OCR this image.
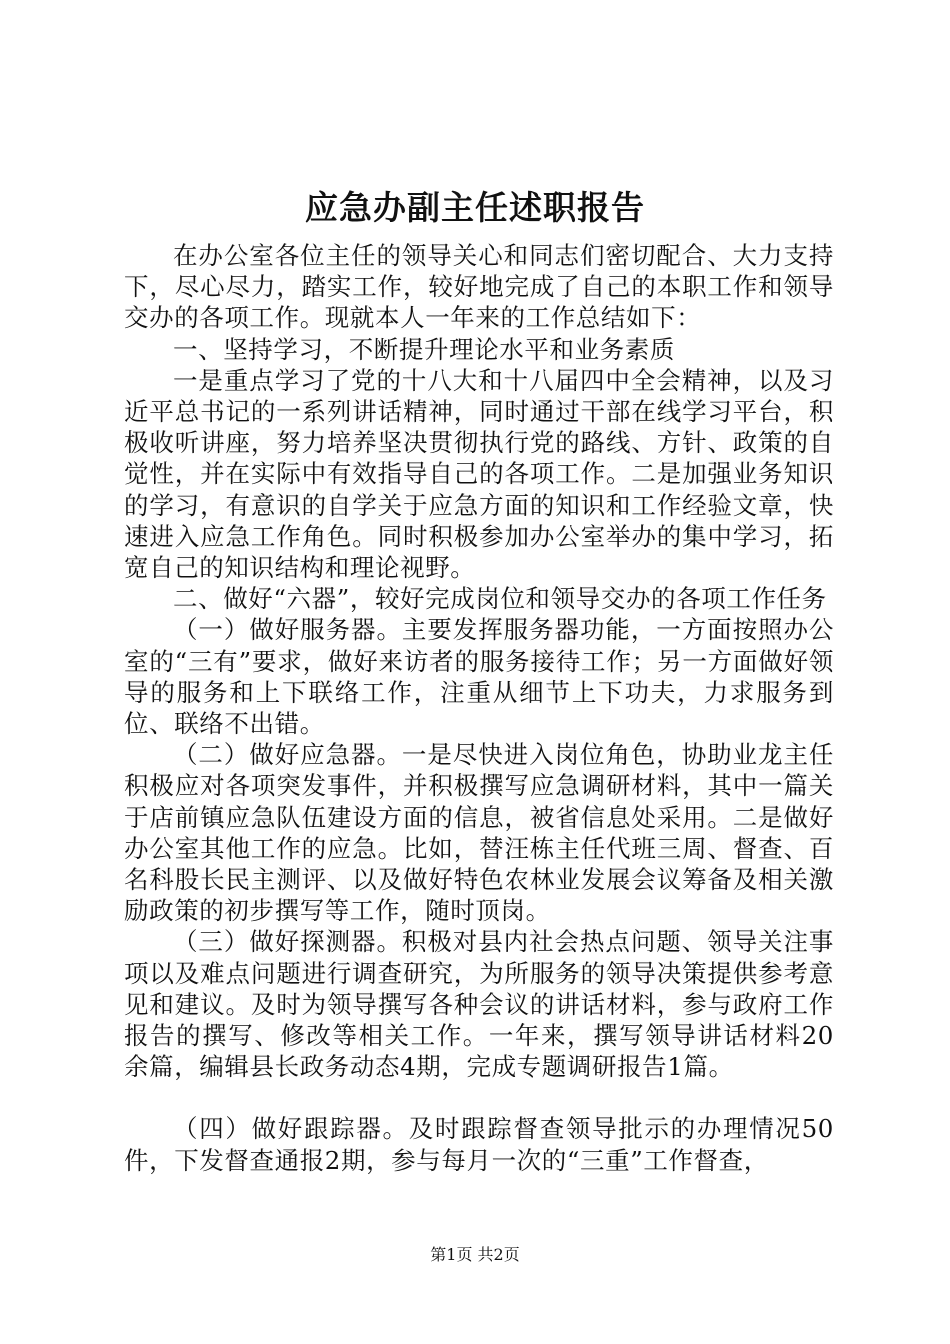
应急办副主任述职报告

在办公室各位主任的领导关心和同志们密切配合、大力支持下，尽心尽力，踏实工作，较好地完成了自己的本职工作和领导交办的各项工作。现就本人一年来的工作总结如下：

一、坚持学习，不断提升理论水平和业务素质

一是重点学习了党的十八大和十八届四中全会精神，以及习近平总书记的一系列讲话精神，同时通过干部在线学习平台，积极收听讲座，努力培养坚决贯彻执行党的路线、方针、政策的自觉性，并在实际中有效指导自己的各项工作。二是加强业务知识的学习，有意识的自学关于应急方面的知识和工作经验文章，快速进入应急工作角色。同时积极参加办公室举办的集中学习，拓宽自己的知识结构和理论视野。

二、做好“六器”，较好完成岗位和领导交办的各项工作任务

（一）做好服务器。主要发挥服务器功能，一方面按照办公室的“三有”要求，做好来访者的服务接待工作；另一方面做好领导的服务和上下联络工作，注重从细节上下功夫，力求服务到位、联络不出错。

（二）做好应急器。一是尽快进入岗位角色，协助业龙主任积极应对各项突发事件，并积极撰写应急调研材料，其中一篇关于店前镇应急队伍建设方面的信息，被省信息处采用。二是做好办公室其他工作的应急。比如，替汪栋主任代班三周、督查、百名科股长民主测评、以及做好特色农林业发展会议筹备及相关激励政策的初步撰写等工作，随时顶岗。

（三）做好探测器。积极对县内社会热点问题、领导关注事项以及难点问题进行调查研究，为所服务的领导决策提供参考意见和建议。及时为领导撰写各种会议的讲话材料，参与政府工作报告的撰写、修改等相关工作。一年来，撰写领导讲话材料20余篇，编辑县长政务动态4期，完成专题调研报告1篇。

（四）做好跟踪器。及时跟踪督查领导批示的办理情况50件，下发督查通报2期，参与每月一次的“三重”工作督查，

第1页 共2页
